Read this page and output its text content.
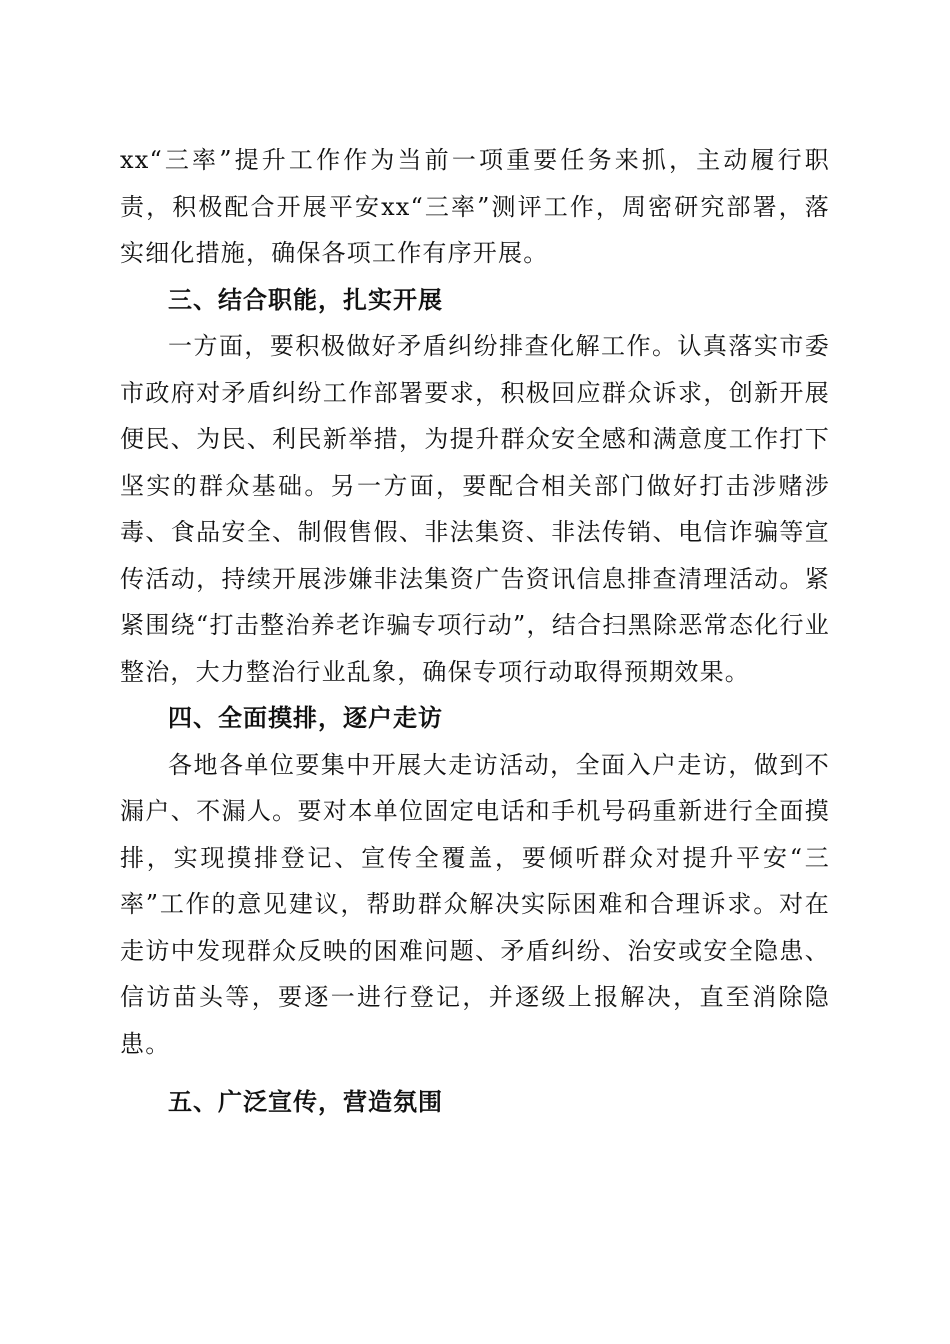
xx“三率”提升工作作为当前一项重要任务来抓，主动履行职责，积极配合开展平安xx“三率”测评工作，周密研究部署，落实细化措施，确保各项工作有序开展。

三、结合职能，扎实开展

一方面，要积极做好矛盾纠纷排查化解工作。认真落实市委市政府对矛盾纠纷工作部署要求，积极回应群众诉求，创新开展便民、为民、利民新举措，为提升群众安全感和满意度工作打下坚实的群众基础。另一方面，要配合相关部门做好打击涉赌涉毒、食品安全、制假售假、非法集资、非法传销、电信诈骗等宣传活动，持续开展涉嫌非法集资广告资讯信息排查清理活动。紧紧围绕“打击整治养老诈骗专项行动”，结合扫黑除恶常态化行业整治，大力整治行业乱象，确保专项行动取得预期效果。

四、全面摸排，逐户走访

各地各单位要集中开展大走访活动，全面入户走访，做到不漏户、不漏人。要对本单位固定电话和手机号码重新进行全面摸排，实现摸排登记、宣传全覆盖，要倾听群众对提升平安“三率”工作的意见建议，帮助群众解决实际困难和合理诉求。对在走访中发现群众反映的困难问题、矛盾纠纷、治安或安全隐患、信访苗头等，要逐一进行登记，并逐级上报解决，直至消除隐患。

五、广泛宣传，营造氛围
